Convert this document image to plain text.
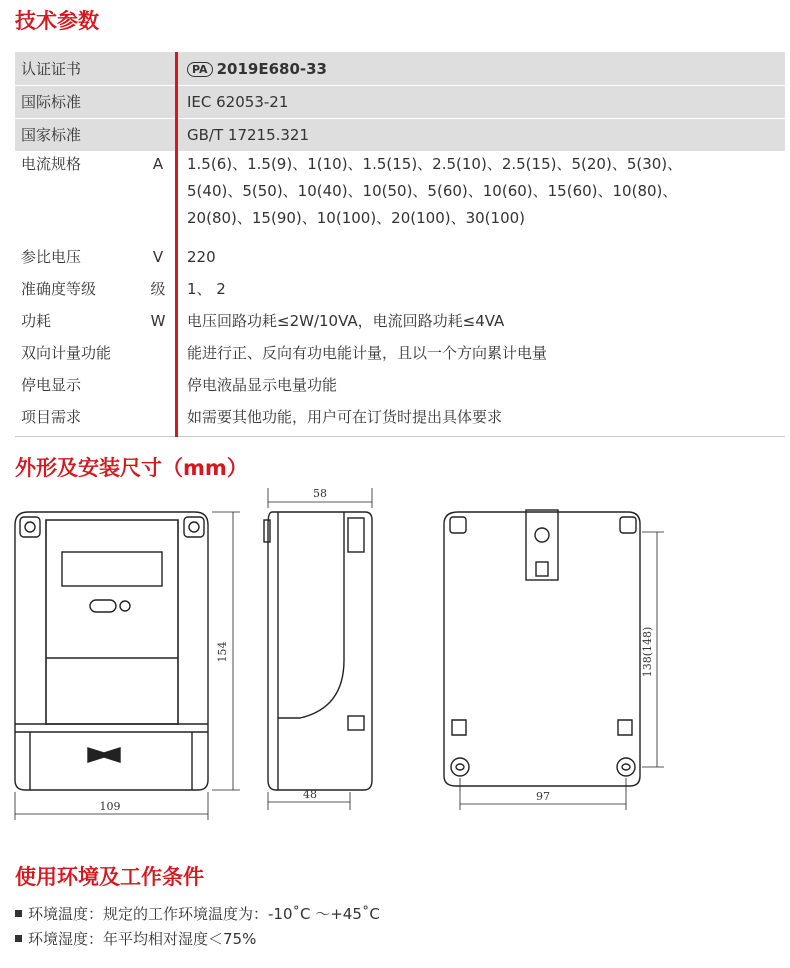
技术参数
认证证书		PA 2019E680-33
国际标准		IEC 62053-21
国家标准		GB/T 17215.321
电流规格	A	1.5(6)、1.5(9)、1(10)、1.5(15)、2.5(10)、2.5(15)、5(20)、5(30)、
5(40)、5(50)、10(40)、10(50)、5(60)、10(60)、15(60)、10(80)、
20(80)、15(90)、10(100)、20(100)、30(100)

参比电压	V	220
准确度等级	级	1、 2
功耗	W	电压回路功耗≤2W/10VA，电流回路功耗≤4VA
双向计量功能		能进行正、反向有功电能计量，且以一个方向累计电量
停电显示		停电液晶显示电量功能
项目需求		如需要其他功能，用户可在订货时提出具体要求
外形及安装尺寸（mm）
109
154
58
48	97
138(148)
使用环境及工作条件
环境温度：规定的工作环境温度为：-10˚C ～+45˚C
环境湿度：年平均相对湿度＜75%
